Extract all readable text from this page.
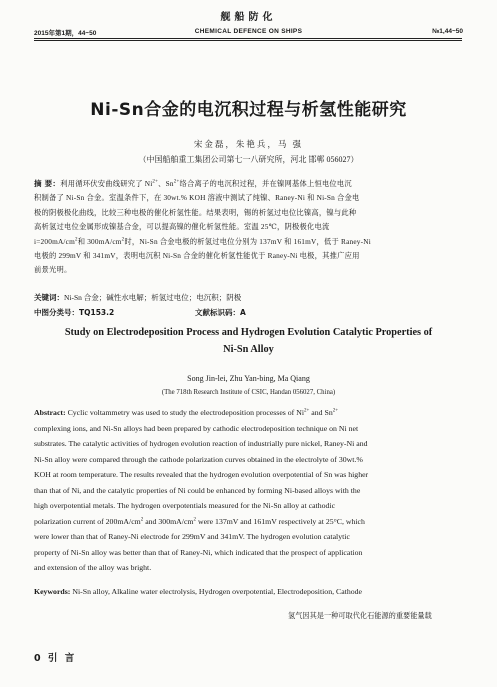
舰船防化
2015年第1期，44~50	CHEMICAL DEFENCE ON SHIPS	№1,44~50
Ni-Sn合金的电沉积过程与析氢性能研究
宋金磊，朱艳兵，马 强
（中国船舶重工集团公司第七一八研究所，河北 邯郸 056027）
摘 要：利用循环伏安曲线研究了 $Ni^{2+}$、$Sn^{2+}$络合离子的电沉积过程，并在镍网基体上恒电位电沉
积制备了 Ni-Sn 合金。室温条件下，在 30wt.% KOH 溶液中测试了纯镍、Raney-Ni 和 Ni-Sn 合金电
极的阴极极化曲线，比较三种电极的催化析氢性能。结果表明，锡的析氢过电位比镍高，镍与此种
高析氢过电位金属形成镍基合金，可以提高镍的催化析氢性能。室温 25℃，阴极极化电流
$i=200mA/cm^2$和 $300mA/cm^2$时，Ni-Sn 合金电极的析氢过电位分别为 137mV 和 161mV，低于 Raney-Ni
电极的 299mV 和 341mV，表明电沉积 Ni-Sn 合金的催化析氢性能优于 Raney-Ni 电极，其推广应用
前景光明。
关键词：Ni-Sn 合金；碱性水电解；析氢过电位；电沉积；阴极
中图分类号：TQ153.2	文献标识码：A
Study on Electrodeposition Process and Hydrogen Evolution Catalytic Properties of
Ni-Sn Alloy
Song Jin-lei, Zhu Yan-bing, Ma Qiang
(The 718th Research Institute of CSIC, Handan 056027, China)
Abstract: Cyclic voltammetry was used to study the electrodeposition processes of $Ni^{2+}$ and $Sn^{2+}$
complexing ions, and Ni-Sn alloys had been prepared by cathodic electrodeposition technique on Ni net
substrates. The catalytic activities of hydrogen evolution reaction of industrially pure nickel, Raney-Ni and
Ni-Sn alloy were compared through the cathode polarization curves obtained in the electrolyte of 30wt.%
KOH at room temperature. The results revealed that the hydrogen evolution overpotential of Sn was higher
than that of Ni, and the catalytic properties of Ni could be enhanced by forming Ni-based alloys with the
high overpotential metals. The hydrogen overpotentials measured for the Ni-Sn alloy at cathodic
polarization current of $200mA/cm^2$ and $300mA/cm^2$ were 137mV and 161mV respectively at 25°C, which
were lower than that of Raney-Ni electrode for 299mV and 341mV. The hydrogen evolution catalytic
property of Ni-Sn alloy was better than that of Raney-Ni, which indicated that the prospect of application
and extension of the alloy was bright.
Keywords: Ni-Sn alloy, Alkaline water electrolysis, Hydrogen overpotential, Electrodeposition, Cathode
氢气因其是一种可取代化石能源的重要能量载
0 引 言
